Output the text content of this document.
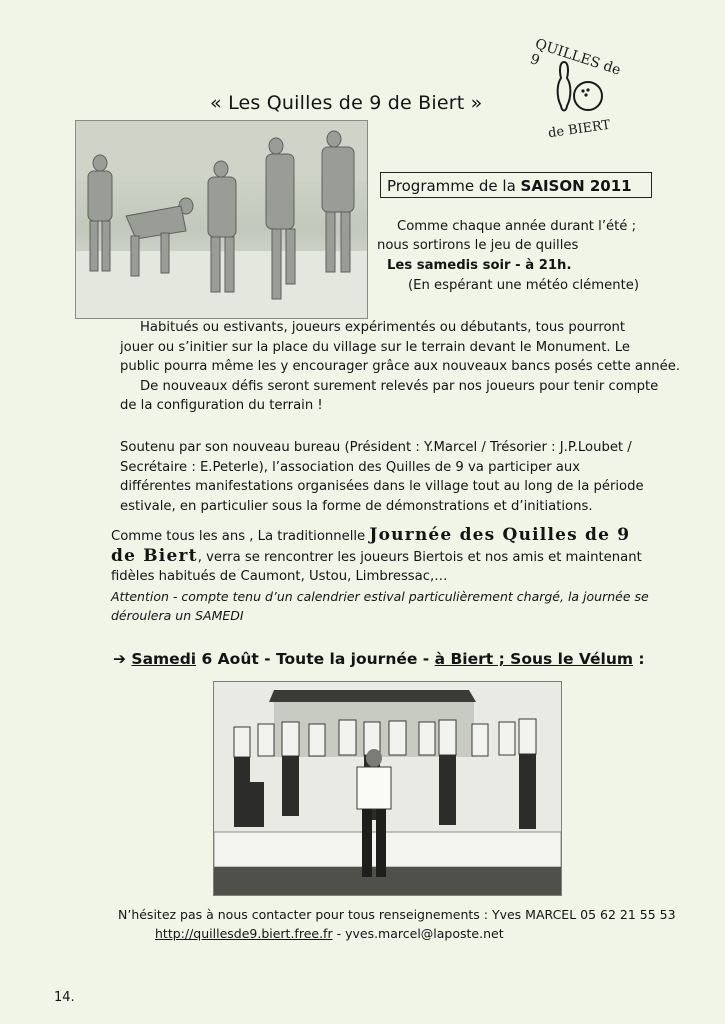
« Les Quilles de 9 de Biert »
QUILLES de 9
de BIERT
Programme de la SAISON 2011
Comme chaque année durant l’été ;
nous sortirons le jeu de quilles
Les samedis soir - à 21h.
(En espérant une météo clémente)
Habitués ou estivants, joueurs expérimentés ou débutants, tous pourront
jouer ou s’initier sur la place du village sur le terrain devant le Monument. Le
public pourra même les y encourager grâce aux nouveaux bancs posés cette année.
De nouveaux défis seront surement relevés par nos joueurs pour tenir compte
de la configuration du terrain !
Soutenu par son nouveau bureau (Président : Y.Marcel / Trésorier : J.P.Loubet /
Secrétaire : E.Peterle), l’association des Quilles de 9 va participer aux
différentes manifestations organisées dans le village tout au long de la période
estivale, en particulier sous la forme de démonstrations et d’initiations.
Comme tous les ans , La traditionnelle Journée des Quilles de 9
de Biert, verra se rencontrer les joueurs Biertois et nos amis et maintenant
fidèles habitués de Caumont, Ustou, Limbressac,…
Attention - compte tenu d’un calendrier estival particulièrement chargé, la journée se
déroulera un SAMEDI
➔ Samedi 6 Août - Toute la journée - à Biert ; Sous le Vélum :
N’hésitez pas à nous contacter pour tous renseignements : Yves MARCEL 05 62 21 55 53
http://quillesde9.biert.free.fr - yves.marcel@laposte.net
14.
